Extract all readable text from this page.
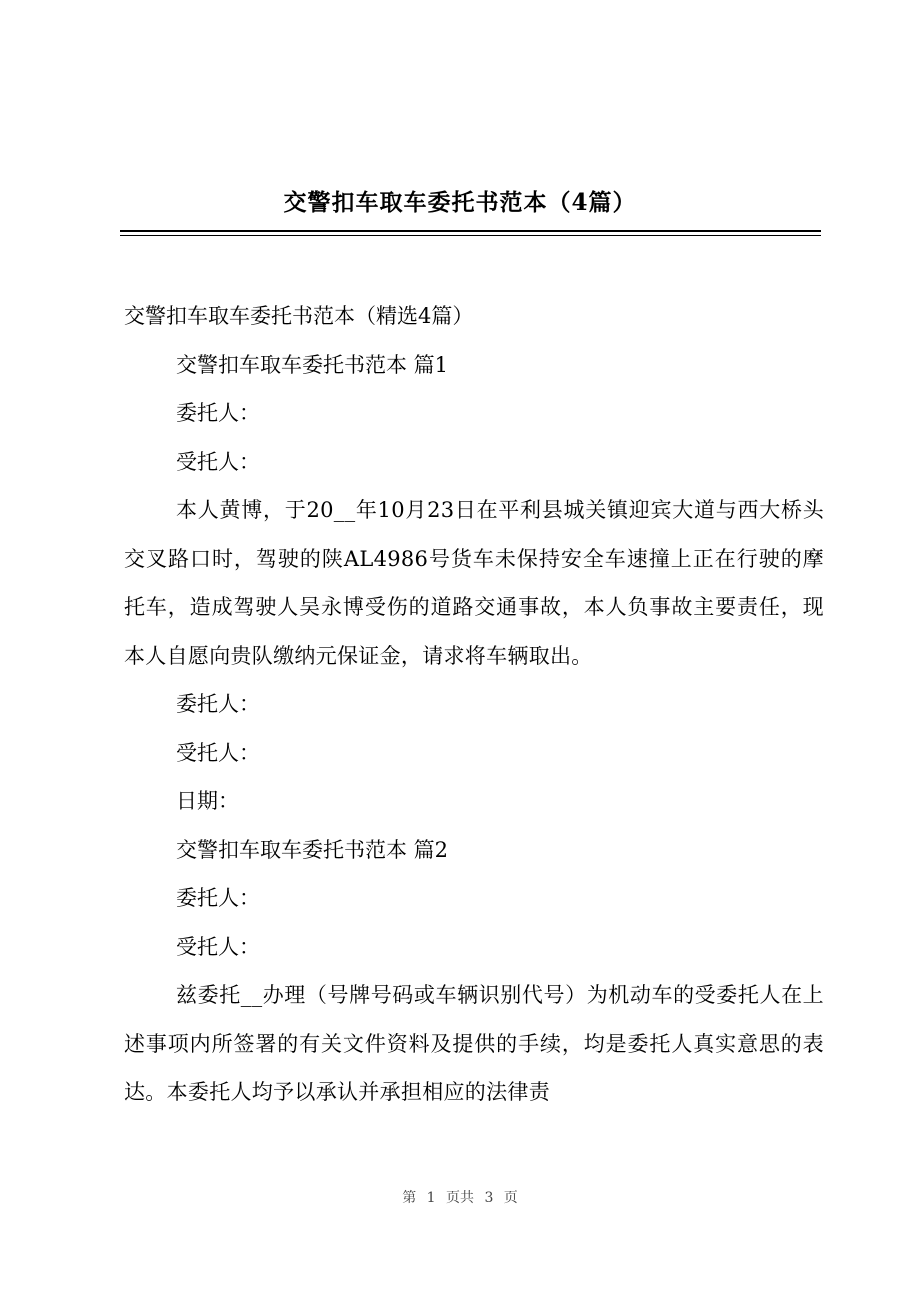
交警扣车取车委托书范本（4篇）

交警扣车取车委托书范本（精选4篇）

交警扣车取车委托书范本 篇1

委托人：

受托人：

本人黄博，于20__年10月23日在平利县城关镇迎宾大道与西大桥头交叉路口时，驾驶的陕AL4986号货车未保持安全车速撞上正在行驶的摩托车，造成驾驶人吴永博受伤的道路交通事故，本人负事故主要责任，现本人自愿向贵队缴纳元保证金，请求将车辆取出。

委托人：

受托人：

日期：

交警扣车取车委托书范本 篇2

委托人：

受托人：

兹委托__办理（号牌号码或车辆识别代号）为机动车的受委托人在上述事项内所签署的有关文件资料及提供的手续，均是委托人真实意思的表达。本委托人均予以承认并承担相应的法律责

第 1 页共 3 页
